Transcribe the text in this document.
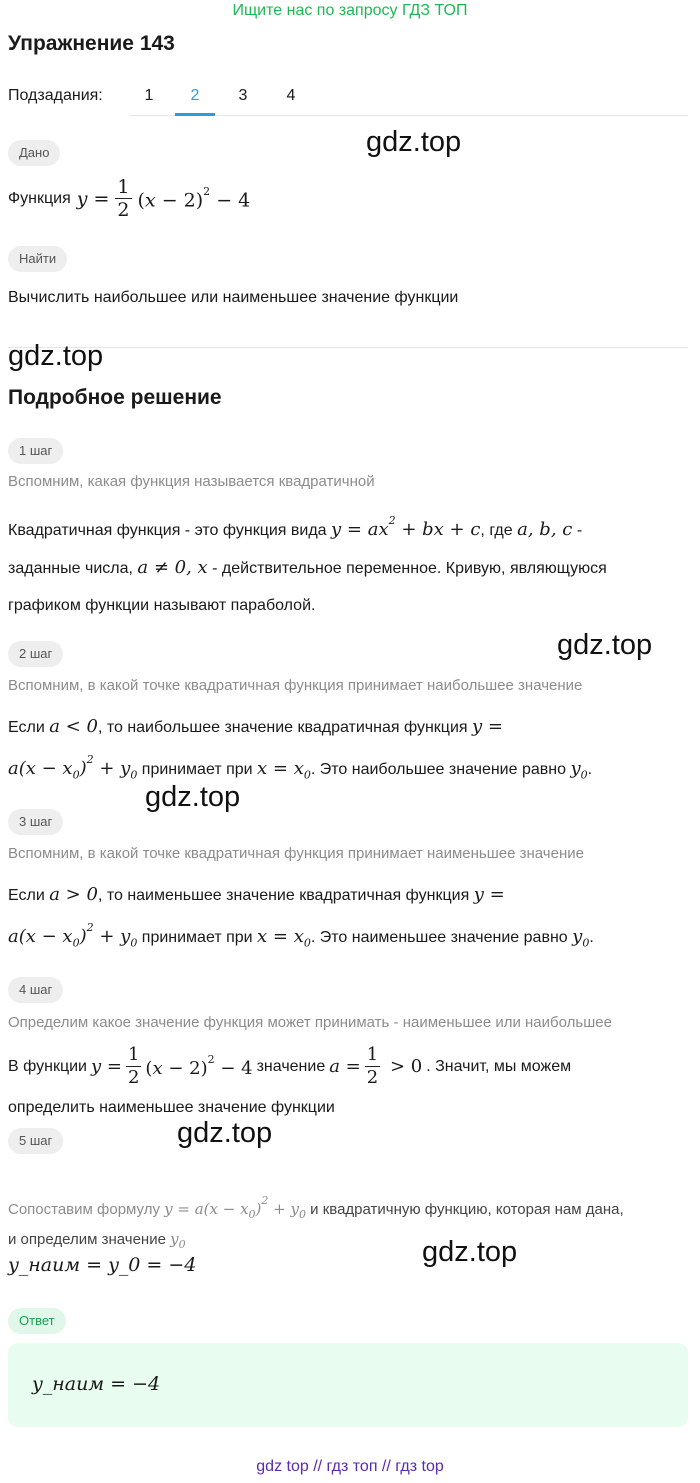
Ищите нас по запросу ГДЗ ТОП
Упражнение 143
Подзадания:	1	2	3	4
gdz.top
Дано
Функция $y = \frac{1}{2} (x - 2)^2 - 4$
Найти
Вычислить наибольшее или наименьшее значение функции
gdz.top
Подробное решение
1 шаг
Вспомним, какая функция называется квадратичной
Квадратичная функция - это функция вида $y = ax^2$ + bx + c, где a, b, c -
заданные числа, a ≠ 0, x - действительное переменное. Кривую, являющуюся
графиком функции называют параболой.
gdz.top
2 шаг
Вспомним, в какой точке квадратичная функция принимает наибольшее значение
Если a < 0, то наибольшее значение квадратичная функция y =
$a(x - x_0)^2 + y_0$ принимает при $x = x_0$. Это наибольшее значение равно $y_0$.
gdz.top
3 шаг
Вспомним, в какой точке квадратичная функция принимает наименьшее значение
Если a > 0, то наименьшее значение квадратичная функция y =
$a(x - x_0)^2 + y_0$ принимает при $x = x_0$. Это наименьшее значение равно $y_0$.
4 шаг
Определим какое значение функция может принимать - наименьшее или наибольшее
В функции $y = \frac{1}{2} (x - 2)^2 - 4$ значение $a = \frac{1}{2} > 0$ . Значит, мы можем
определить наименьшее значение функции
gdz.top
5 шаг
Сопоставим формулу $y = a(x - x_0)^2 + y_0$ и квадратичную функцию, которая нам дана,
и определим значение $y_0$
y_наим = y_0 = −4	gdz.top
Ответ
y_наим = −4
gdz top // гдз топ // гдз top
